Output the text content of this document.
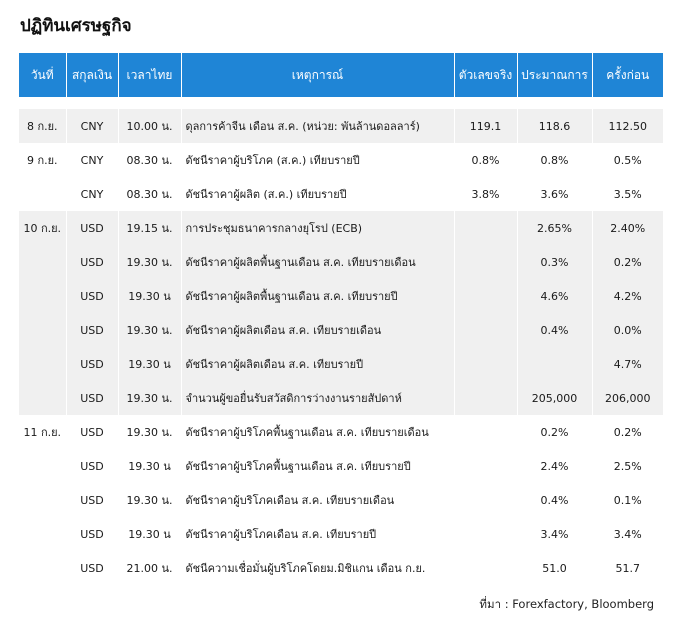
ปฏิทินเศรษฐกิจ
วันที่	สกุลเงิน	เวลาไทย	เหตุการณ์	ตัวเลขจริง	ประมาณการ	ครั้งก่อน

8 ก.ย.	CNY	10.00 น.	ดุลการค้าจีน เดือน ส.ค. (หน่วย: พันล้านดอลลาร์)	119.1	118.6	112.50
9 ก.ย.	CNY	08.30 น.	ดัชนีราคาผู้บริโภค (ส.ค.) เทียบรายปี	0.8%	0.8%	0.5%
	CNY	08.30 น.	ดัชนีราคาผู้ผลิต (ส.ค.) เทียบรายปี	3.8%	3.6%	3.5%
10 ก.ย.	USD	19.15 น.	การประชุมธนาคารกลางยุโรป (ECB)		2.65%	2.40%
	USD	19.30 น.	ดัชนีราคาผู้ผลิตพื้นฐานเดือน ส.ค. เทียบรายเดือน		0.3%	0.2%
	USD	19.30 น	ดัชนีราคาผู้ผลิตพื้นฐานเดือน ส.ค. เทียบรายปี		4.6%	4.2%
	USD	19.30 น.	ดัชนีราคาผู้ผลิตเดือน ส.ค. เทียบรายเดือน		0.4%	0.0%
	USD	19.30 น	ดัชนีราคาผู้ผลิตเดือน ส.ค. เทียบรายปี			4.7%
	USD	19.30 น.	จำนวนผู้ขอยื่นรับสวัสดิการว่างงานรายสัปดาห์		205,000	206,000
11 ก.ย.	USD	19.30 น.	ดัชนีราคาผู้บริโภคพื้นฐานเดือน ส.ค. เทียบรายเดือน		0.2%	0.2%
	USD	19.30 น	ดัชนีราคาผู้บริโภคพื้นฐานเดือน ส.ค. เทียบรายปี		2.4%	2.5%
	USD	19.30 น.	ดัชนีราคาผู้บริโภคเดือน ส.ค. เทียบรายเดือน		0.4%	0.1%
	USD	19.30 น	ดัชนีราคาผู้บริโภคเดือน ส.ค. เทียบรายปี		3.4%	3.4%
	USD	21.00 น.	ดัชนีความเชื่อมั่นผู้บริโภคโดยม.มิชิแกน เดือน ก.ย.		51.0	51.7
ที่มา : Forexfactory, Bloomberg
